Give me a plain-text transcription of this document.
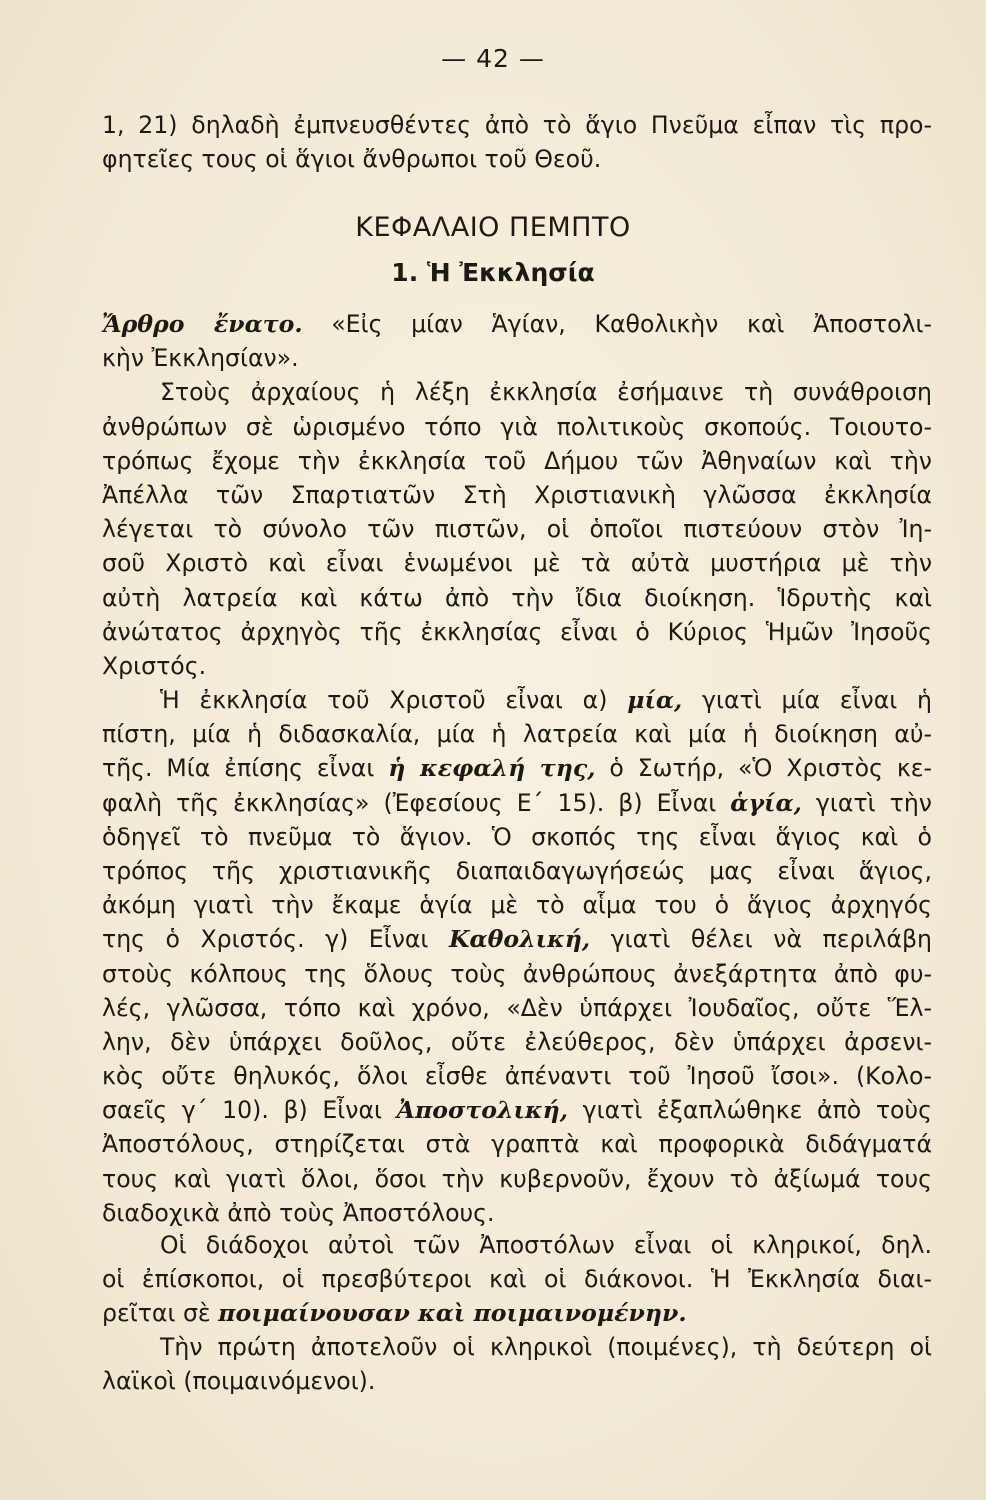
— 42 —
1, 21) δηλαδὴ ἐμπνευσθέντες ἀπὸ τὸ ἅγιο Πνεῦμα εἶπαν τὶς προ-
φητεῖες τους οἱ ἅγιοι ἄνθρωποι τοῦ Θεοῦ.
ΚΕΦΑΛΑΙΟ ΠΕΜΠΤΟ
1. Ἡ Ἐκκλησία
Ἄρθρο ἔνατο. «Εἰς μίαν Ἁγίαν, Καθολικὴν καὶ Ἀποστολι-
κὴν Ἐκκλησίαν».
Στοὺς ἀρχαίους ἡ λέξη ἐκκλησία ἐσήμαινε τὴ συνάθροιση
ἀνθρώπων σὲ ὡρισμένο τόπο γιὰ πολιτικοὺς σκοπούς. Τοιουτο-
τρόπως ἔχομε τὴν ἐκκλησία τοῦ Δήμου τῶν Ἀθηναίων καὶ τὴν
Ἀπέλλα τῶν Σπαρτιατῶν Στὴ Χριστιανικὴ γλῶσσα ἐκκλησία
λέγεται τὸ σύνολο τῶν πιστῶν, οἱ ὁποῖοι πιστεύουν στὸν Ἰη-
σοῦ Χριστὸ καὶ εἶναι ἑνωμένοι μὲ τὰ αὐτὰ μυστήρια μὲ τὴν
αὐτὴ λατρεία καὶ κάτω ἀπὸ τὴν ἴδια διοίκηση. Ἱδρυτὴς καὶ
ἀνώτατος ἀρχηγὸς τῆς ἐκκλησίας εἶναι ὁ Κύριος Ἡμῶν Ἰησοῦς
Χριστός.
Ἡ ἐκκλησία τοῦ Χριστοῦ εἶναι α) μία, γιατὶ μία εἶναι ἡ
πίστη, μία ἡ διδασκαλία, μία ἡ λατρεία καὶ μία ἡ διοίκηση αὐ-
τῆς. Μία ἐπίσης εἶναι ἡ κεφαλή της, ὁ Σωτήρ, «Ὁ Χριστὸς κε-
φαλὴ τῆς ἐκκλησίας» (Ἐφεσίους Ε΄ 15). β) Εἶναι ἁγία, γιατὶ τὴν
ὁδηγεῖ τὸ πνεῦμα τὸ ἅγιον. Ὁ σκοπός της εἶναι ἅγιος καὶ ὁ
τρόπος τῆς χριστιανικῆς διαπαιδαγωγήσεώς μας εἶναι ἅγιος,
ἀκόμη γιατὶ τὴν ἔκαμε ἁγία μὲ τὸ αἷμα του ὁ ἅγιος ἀρχηγός
της ὁ Χριστός. γ) Εἶναι Καθολική, γιατὶ θέλει νὰ περιλάβη
στοὺς κόλπους της ὅλους τοὺς ἀνθρώπους ἀνεξάρτητα ἀπὸ φυ-
λές, γλῶσσα, τόπο καὶ χρόνο, «Δὲν ὑπάρχει Ἰουδαῖος, οὔτε Ἕλ-
λην, δὲν ὑπάρχει δοῦλος, οὔτε ἐλεύθερος, δὲν ὑπάρχει ἀρσενι-
κὸς οὔτε θηλυκός, ὅλοι εἶσθε ἀπέναντι τοῦ Ἰησοῦ ἴσοι». (Κολο-
σαεῖς γ΄ 10). β) Εἶναι Ἀποστολική, γιατὶ ἐξαπλώθηκε ἀπὸ τοὺς
Ἀποστόλους, στηρίζεται στὰ γραπτὰ καὶ προφορικὰ διδάγματά
τους καὶ γιατὶ ὅλοι, ὅσοι τὴν κυβερνοῦν, ἔχουν τὸ ἀξίωμά τους
διαδοχικὰ ἀπὸ τοὺς Ἀποστόλους.
Οἱ διάδοχοι αὐτοὶ τῶν Ἀποστόλων εἶναι οἱ κληρικοί, δηλ.
οἱ ἐπίσκοποι, οἱ πρεσβύτεροι καὶ οἱ διάκονοι. Ἡ Ἐκκλησία διαι-
ρεῖται σὲ ποιμαίνουσαν καὶ ποιμαινομένην.
Τὴν πρώτη ἀποτελοῦν οἱ κληρικοὶ (ποιμένες), τὴ δεύτερη οἱ
λαϊκοὶ (ποιμαινόμενοι).
